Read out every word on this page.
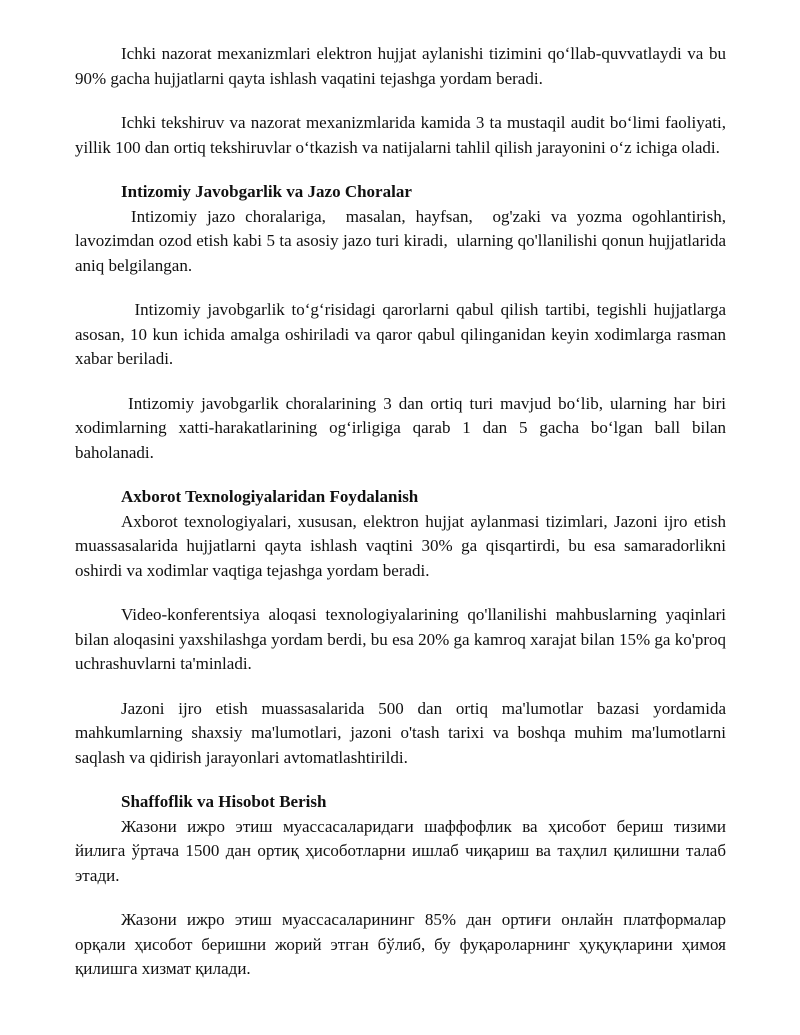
Ichki nazorat mexanizmlari elektron hujjat aylanishi tizimini qo‘llab-quvvatlaydi va bu 90% gacha hujjatlarni qayta ishlash vaqatini tejashga yordam beradi.

Ichki tekshiruv va nazorat mexanizmlarida kamida 3 ta mustaqil audit bo‘limi faoliyati, yillik 100 dan ortiq tekshiruvlar o‘tkazish va natijalarni tahlil qilish jarayonini o‘z ichiga oladi.

Intizomiy Javobgarlik va Jazo Choralar

Intizomiy jazo choralariga,  masalan, hayfsan,  og'zaki va yozma ogohlantirish, lavozimdan ozod etish kabi 5 ta asosiy jazo turi kiradi,  ularning qo'llanilishi qonun hujjatlarida aniq belgilangan.

Intizomiy javobgarlik to‘g‘risidagi qarorlarni qabul qilish tartibi, tegishli hujjatlarga asosan, 10 kun ichida amalga oshiriladi va qaror qabul qilinganidan keyin xodimlarga rasman xabar beriladi.

Intizomiy javobgarlik choralarining 3 dan ortiq turi mavjud bo‘lib, ularning har biri xodimlarning xatti-harakatlarining og‘irligiga qarab 1 dan 5 gacha bo‘lgan ball bilan baholanadi.

Axborot Texnologiyalaridan Foydalanish

Axborot texnologiyalari, xususan, elektron hujjat aylanmasi tizimlari, Jazoni ijro etish muassasalarida hujjatlarni qayta ishlash vaqtini 30% ga qisqartirdi, bu esa samaradorlikni oshirdi va xodimlar vaqtiga tejashga yordam beradi.

Video-konferentsiya aloqasi texnologiyalarining qo'llanilishi mahbuslarning yaqinlari bilan aloqasini yaxshilashga yordam berdi, bu esa 20% ga kamroq xarajat bilan 15% ga ko'proq uchrashuvlarni ta'minladi.

Jazoni ijro etish muassasalarida 500 dan ortiq ma'lumotlar bazasi yordamida mahkumlarning shaxsiy ma'lumotlari, jazoni o'tash tarixi va boshqa muhim ma'lumotlarni saqlash va qidirish jarayonlari avtomatlashtirildi.

Shaffoflik va Hisobot Berish

Жазони ижро этиш муассасаларидаги шаффофлик ва ҳисобот бериш тизими йилига ўртача 1500 дан ортиқ ҳисоботларни ишлаб чиқариш ва таҳлил қилишни талаб этади.

Жазони ижро этиш муассасаларининг 85% дан ортиғи онлайн платформалар орқали ҳисобот беришни жорий этган бўлиб, бу фуқароларнинг ҳуқуқларини ҳимоя қилишга хизмат қилади.
